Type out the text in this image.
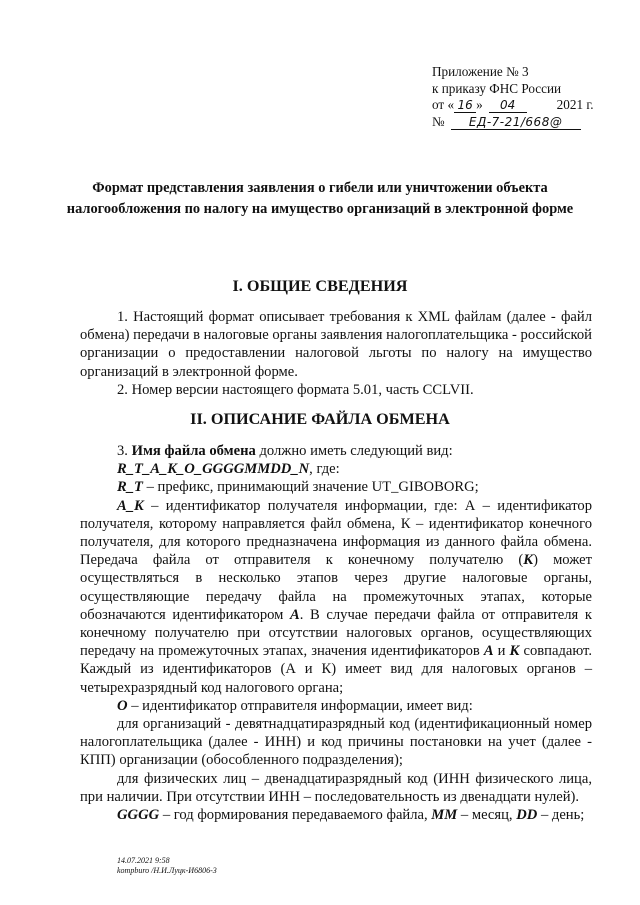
Приложение № 3
к приказу ФНС России
от « 16 » 04	2021 г.
№ ЕД-7-21/668@
Формат представления заявления о гибели или уничтожении объекта налогообложения по налогу на имущество организаций в электронной форме
I. ОБЩИЕ СВЕДЕНИЯ

1. Настоящий формат описывает требования к XML файлам (далее - файл обмена) передачи в налоговые органы заявления налогоплательщика - российской организации о предоставлении налоговой льготы по налогу на имущество организаций в электронной форме.

2. Номер версии настоящего формата 5.01, часть CCLVII.

II. ОПИСАНИЕ ФАЙЛА ОБМЕНА

3. Имя файла обмена должно иметь следующий вид:

R_T_A_K_O_GGGGMMDD_N, где:

R_T – префикс, принимающий значение UT_GIBOBORG;

A_K – идентификатор получателя информации, где: А – идентификатор получателя, которому направляется файл обмена, К – идентификатор конечного получателя, для которого предназначена информация из данного файла обмена. Передача файла от отправителя к конечному получателю (К) может осуществляться в несколько этапов через другие налоговые органы, осуществляющие передачу файла на промежуточных этапах, которые обозначаются идентификатором А. В случае передачи файла от отправителя к конечному получателю при отсутствии налоговых органов, осуществляющих передачу на промежуточных этапах, значения идентификаторов А и К совпадают. Каждый из идентификаторов (А и К) имеет вид для налоговых органов – четырехразрядный код налогового органа;

O – идентификатор отправителя информации, имеет вид:

для организаций - девятнадцатиразрядный код (идентификационный номер налогоплательщика (далее - ИНН) и код причины постановки на учет (далее - КПП) организации (обособленного подразделения);

для физических лиц – двенадцатиразрядный код (ИНН физического лица, при наличии. При отсутствии ИНН – последовательность из двенадцати нулей).

GGGG – год формирования передаваемого файла, MM – месяц, DD – день;

14.07.2021 9:58
kompburo /Н.И.Луцк-И6806-3
